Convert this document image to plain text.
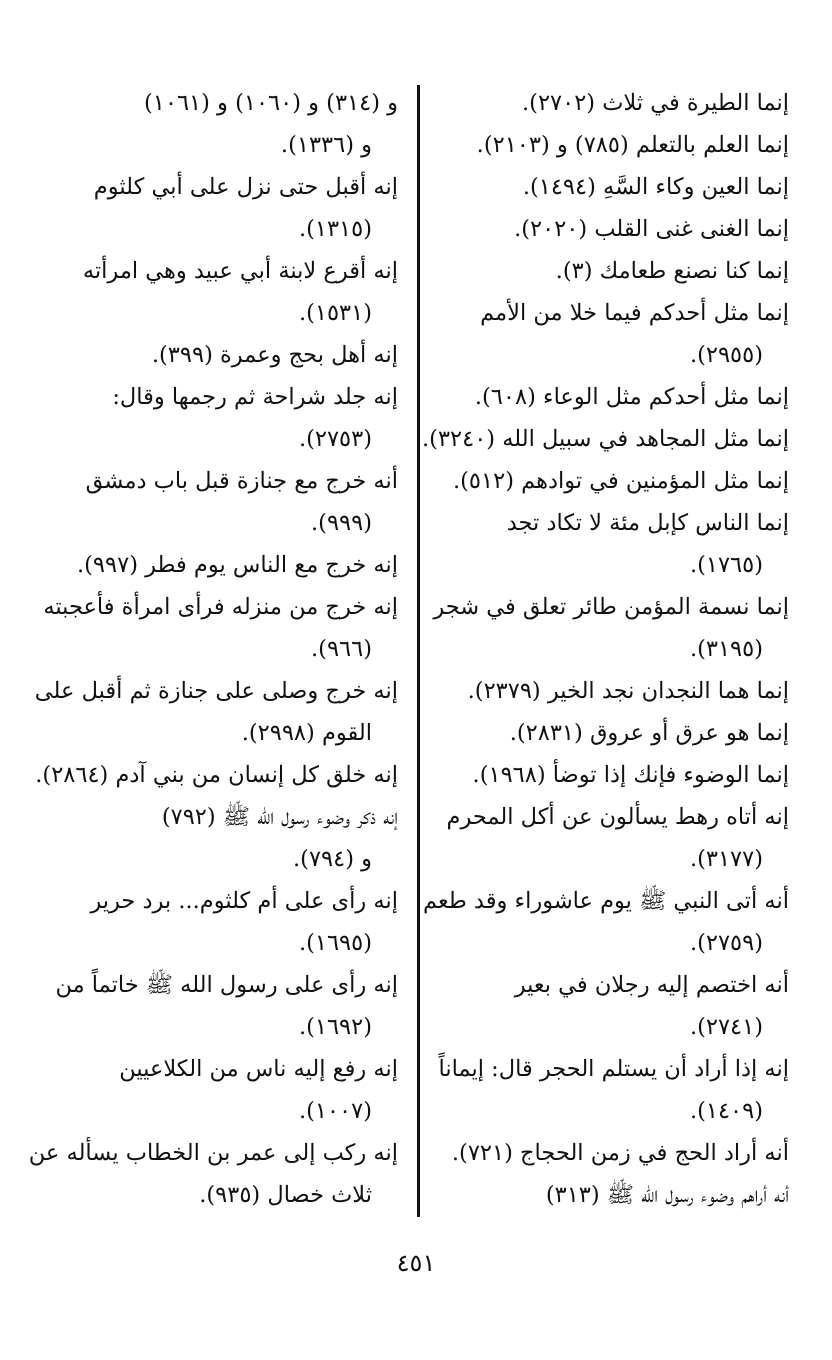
إنما الطيرة في ثلاث (٢٧٠٢).
إنما العلم بالتعلم (٧٨٥) و (٢١٠٣).
إنما العين وكاء السَّهِ (١٤٩٤).
إنما الغنى غنى القلب (٢٠٢٠).
إنما كنا نصنع طعامك (٣).
إنما مثل أحدكم فيما خلا من الأمم
(٢٩٥٥).
إنما مثل أحدكم مثل الوعاء (٦٠٨).
إنما مثل المجاهد في سبيل الله (٣٢٤٠).
إنما مثل المؤمنين في توادهم (٥١٢).
إنما الناس كإبل مئة لا تكاد تجد
(١٧٦٥).
إنما نسمة المؤمن طائر تعلق في شجر
(٣١٩٥).
إنما هما النجدان نجد الخير (٢٣٧٩).
إنما هو عرق أو عروق (٢٨٣١).
إنما الوضوء فإنك إذا توضأ (١٩٦٨).
إنه أتاه رهط يسألون عن أكل المحرم
(٣١٧٧).
أنه أتى النبي ﷺ يوم عاشوراء وقد طعم
(٢٧٥٩).
أنه اختصم إليه رجلان في بعير
(٢٧٤١).
إنه إذا أراد أن يستلم الحجر قال: إيماناً
(١٤٠٩).
أنه أراد الحج في زمن الحجاج (٧٢١).
أنه أراهم وضوء رسول الله ﷺ (٣١٣)
و (٣١٤) و (١٠٦٠) و (١٠٦١)
و (١٣٣٦).
إنه أقبل حتى نزل على أبي كلثوم
(١٣١٥).
إنه أقرع لابنة أبي عبيد وهي امرأته
(١٥٣١).
إنه أهل بحج وعمرة (٣٩٩).
إنه جلد شراحة ثم رجمها وقال:
(٢٧٥٣).
أنه خرج مع جنازة قبل باب دمشق
(٩٩٩).
إنه خرج مع الناس يوم فطر (٩٩٧).
إنه خرج من منزله فرأى امرأة فأعجبته
(٩٦٦).
إنه خرج وصلى على جنازة ثم أقبل على
القوم (٢٩٩٨).
إنه خلق كل إنسان من بني آدم (٢٨٦٤).
إنه ذكر وضوء رسول الله ﷺ (٧٩٢)
و (٧٩٤).
إنه رأى على أم كلثوم... برد حرير
(١٦٩٥).
إنه رأى على رسول الله ﷺ خاتماً من
(١٦٩٢).
إنه رفع إليه ناس من الكلاعيين
(١٠٠٧).
إنه ركب إلى عمر بن الخطاب يسأله عن
ثلاث خصال (٩٣٥).
٤٥١
